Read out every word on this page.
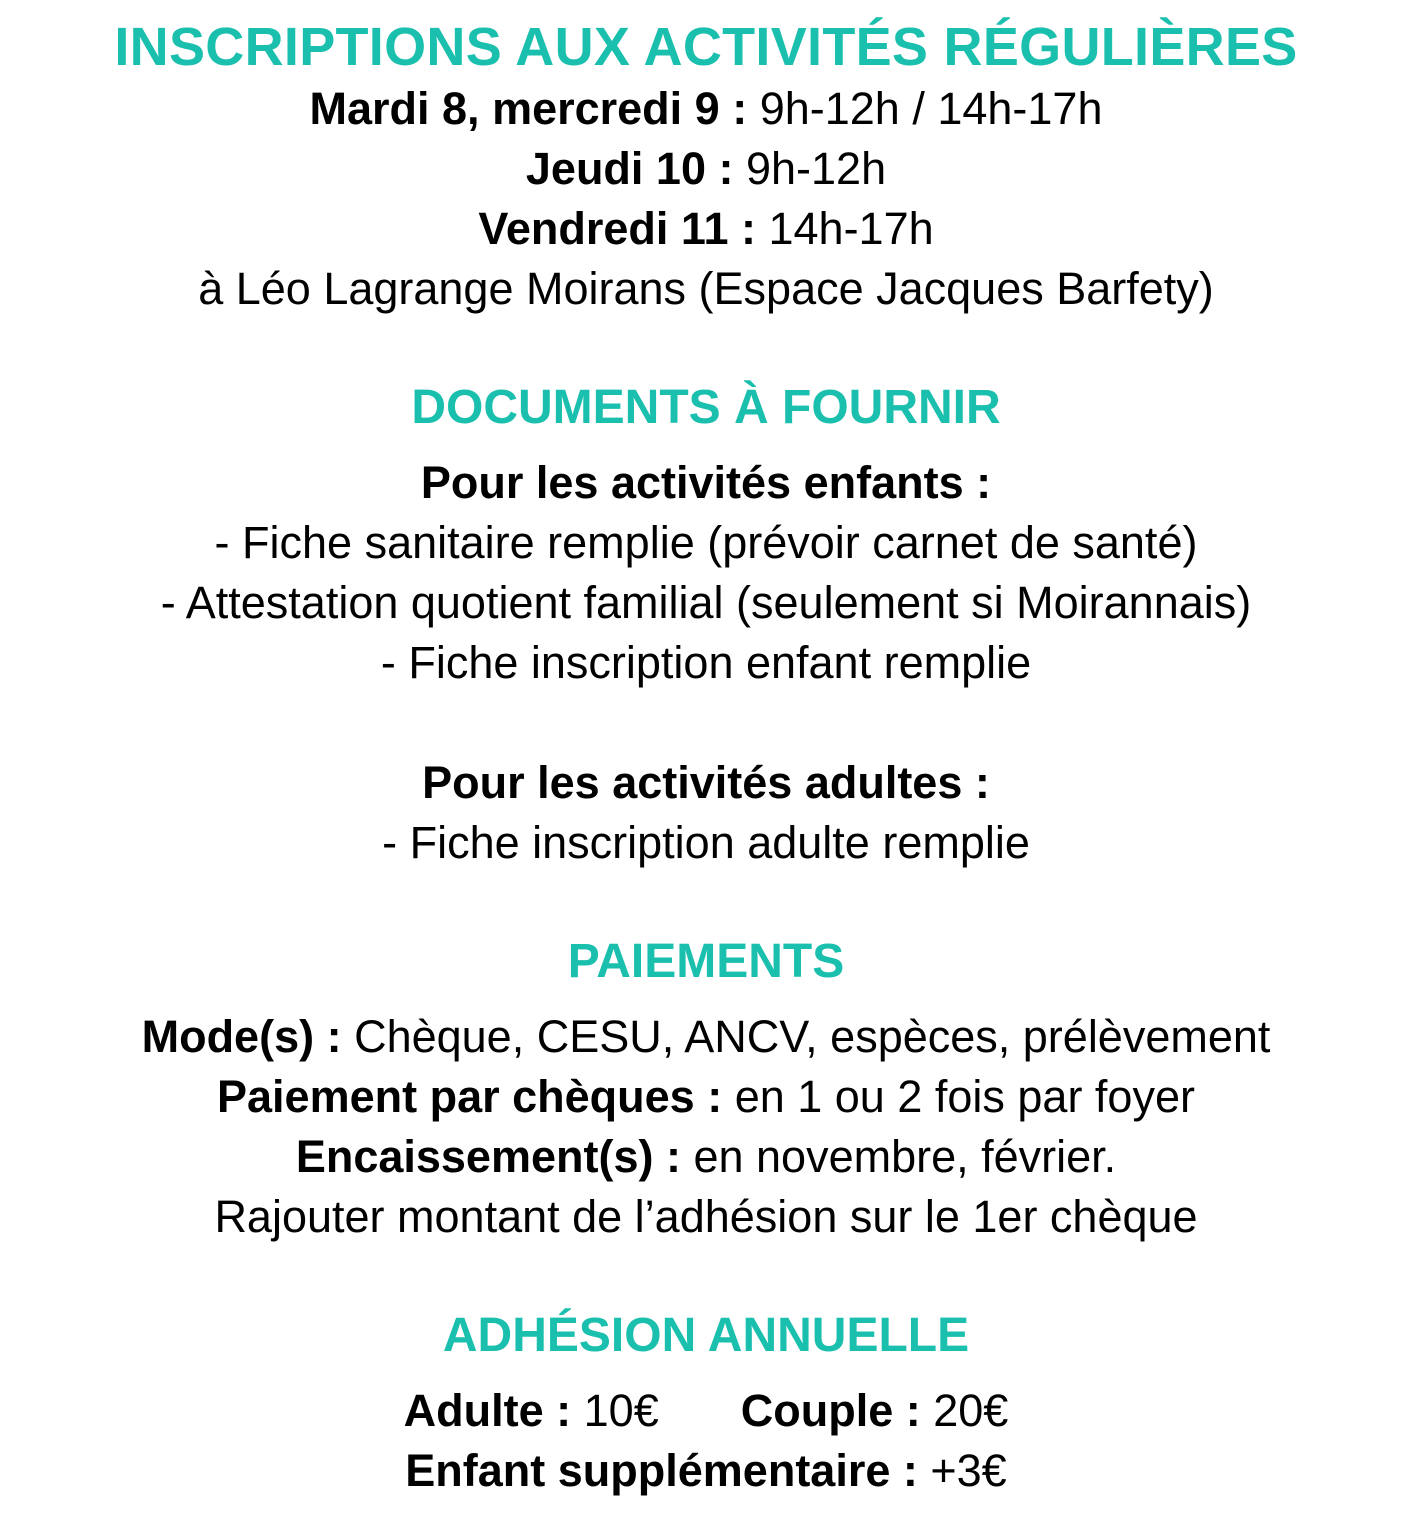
INSCRIPTIONS AUX ACTIVITÉS RÉGULIÈRES

Mardi 8, mercredi 9 : 9h-12h / 14h-17h

Jeudi 10 : 9h-12h

Vendredi 11 : 14h-17h

à Léo Lagrange Moirans (Espace Jacques Barfety)

DOCUMENTS À FOURNIR

Pour les activités enfants :

- Fiche sanitaire remplie (prévoir carnet de santé)

- Attestation quotient familial (seulement si Moirannais)

- Fiche inscription enfant remplie

Pour les activités adultes :

- Fiche inscription adulte remplie

PAIEMENTS

Mode(s) : Chèque, CESU, ANCV, espèces, prélèvement

Paiement par chèques : en 1 ou 2 fois par foyer

Encaissement(s) : en novembre, février.

Rajouter montant de l’adhésion sur le 1er chèque

ADHÉSION ANNUELLE

Adulte : 10€ Couple : 20€

Enfant supplémentaire : +3€
